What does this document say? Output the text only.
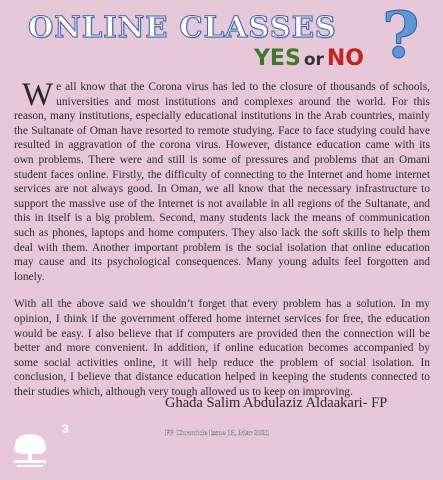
ONLINE CLASSES ?
YES or NO

We all know that the Corona virus has led to the closure of thousands of schools, universities and most institutions and complexes around the world. For this reason, many institutions, especially educational institutions in the Arab countries, mainly the Sultanate of Oman have resorted to remote studying. Face to face studying could have resulted in aggravation of the corona virus. However, distance education came with its own problems. There were and still is some of pressures and problems that an Omani student faces online. Firstly, the difficulty of connecting to the Internet and home internet services are not always good. In Oman, we all know that the necessary infrastructure to support the massive use of the Internet is not available in all regions of the Sultanate, and this in itself is a big problem. Second, many students lack the means of communication such as phones, laptops and home computers. They also lack the soft skills to help them deal with them. Another important problem is the social isolation that online education may cause and its psychological consequences. Many young adults feel forgotten and lonely.

With all the above said we shouldn’t forget that every problem has a solution. In my opinion, I think if the government offered home internet services for free, the education would be easy. I also believe that if computers are provided then the connection will be better and more convenient. In addition, if online education becomes accompanied by some social activities online, it will help reduce the problem of social isolation. In conclusion, I believe that distance education helped in keeping the students connected to their studies which, although very tough allowed us to keep on improving.

Ghada Salim Abdulaziz Aldaakari- FP
3	FP Chronicle Issue 15, Mar 2021
